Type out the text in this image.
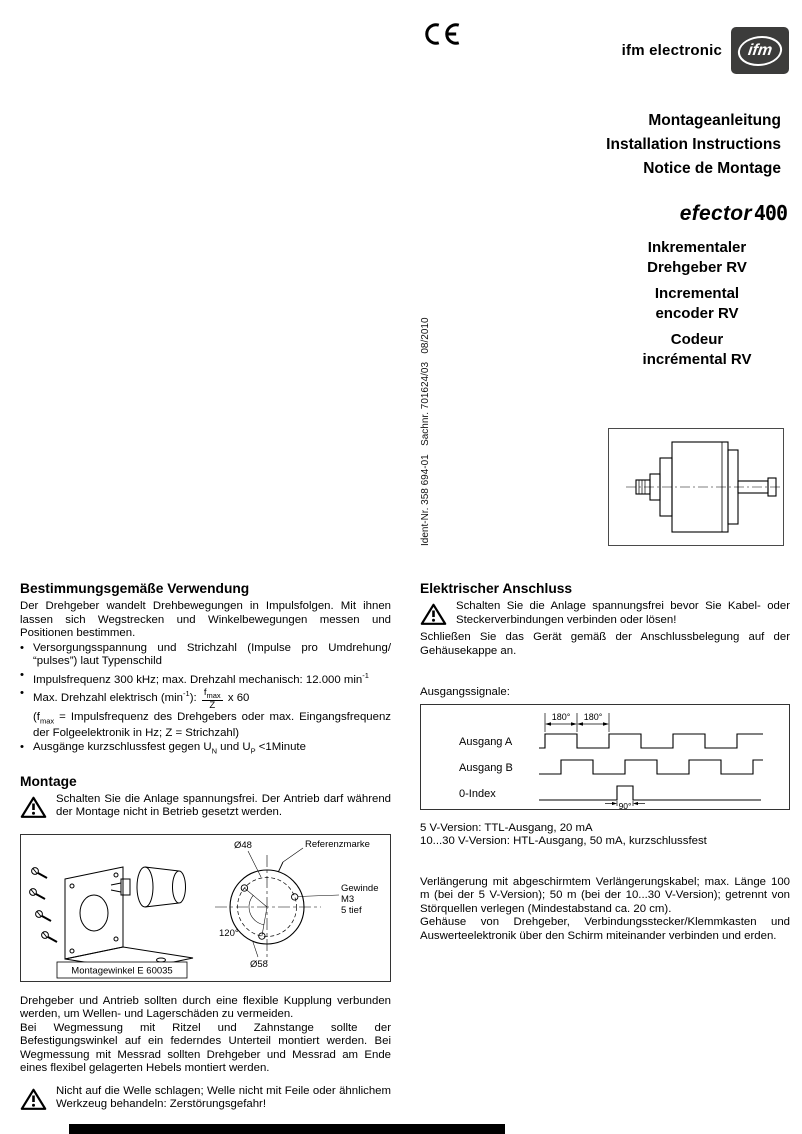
ifm electronic ifm
Montageanleitung
Installation Instructions
Notice de Montage
efector 400
Inkrementaler
Drehgeber RV
Incremental
encoder RV
Codeur
incrémental RV
Ident-Nr. 358 694-01   Sachnr. 701624/03   08/2010
Bestimmungsgemäße Verwendung

Der Drehgeber wandelt Drehbewegungen in Impulsfolgen. Mit ihnen lassen sich Wegstrecken und Winkelbewegungen messen und Positionen bestimmen.

• Versorgungsspannung und Strichzahl (Impulse pro Umdrehung/ “pulses”) laut Typenschild
• Impulsfrequenz 300 kHz; max. Drehzahl mechanisch: 12.000 $\min^{-1}$
• Max. Drehzahl elektrisch $(\min^{-1})$: $\frac{f_{max}}{Z}$ x 60
($f_{max}$ = Impulsfrequenz des Drehgebers oder max. Eingangsfrequenz der Folgeelektronik in Hz; Z = Strichzahl)
• Ausgänge kurzschlussfest gegen $U_N$ und $U_P$ <1Minute
Montage
Schalten Sie die Anlage spannungsfrei. Der Antrieb darf während der Montage nicht in Betrieb gesetzt werden.
Montagewinkel E 60035
Ø48	Referenzmarke
Gewinde
M3
5 tief
120°
Ø58

Drehgeber und Antrieb sollten durch eine flexible Kupplung verbunden werden, um Wellen- und Lagerschäden zu vermeiden.

Bei Wegmessung mit Ritzel und Zahnstange sollte der Befestigungswinkel auf ein federndes Unterteil montiert werden. Bei Wegmessung mit Messrad sollten Drehgeber und Messrad am Ende eines flexibel gelagerten Hebels montiert werden.

Nicht auf die Welle schlagen; Welle nicht mit Feile oder ähnlichem Werkzeug behandeln: Zerstörungsgefahr!
Elektrischer Anschluss
Schalten Sie die Anlage spannungsfrei bevor Sie Kabel- oder Steckerverbindungen verbinden oder lösen!

Schließen Sie das Gerät gemäß der Anschlussbelegung auf der Gehäusekappe an.

Ausgangssignale:

Ausgang A
Ausgang B
0-Index
180° 180°
90°

5 V-Version: TTL-Ausgang, 20 mA

10...30 V-Version: HTL-Ausgang, 50 mA, kurzschlussfest

Verlängerung mit abgeschirmtem Verlängerungskabel; max. Länge 100 m (bei der 5 V-Version); 50 m (bei der 10...30 V-Version); getrennt von Störquellen verlegen (Mindestabstand ca. 20 cm).

Gehäuse von Drehgeber, Verbindungsstecker/Klemmkasten und Auswerteelektronik über den Schirm miteinander verbinden und erden.
